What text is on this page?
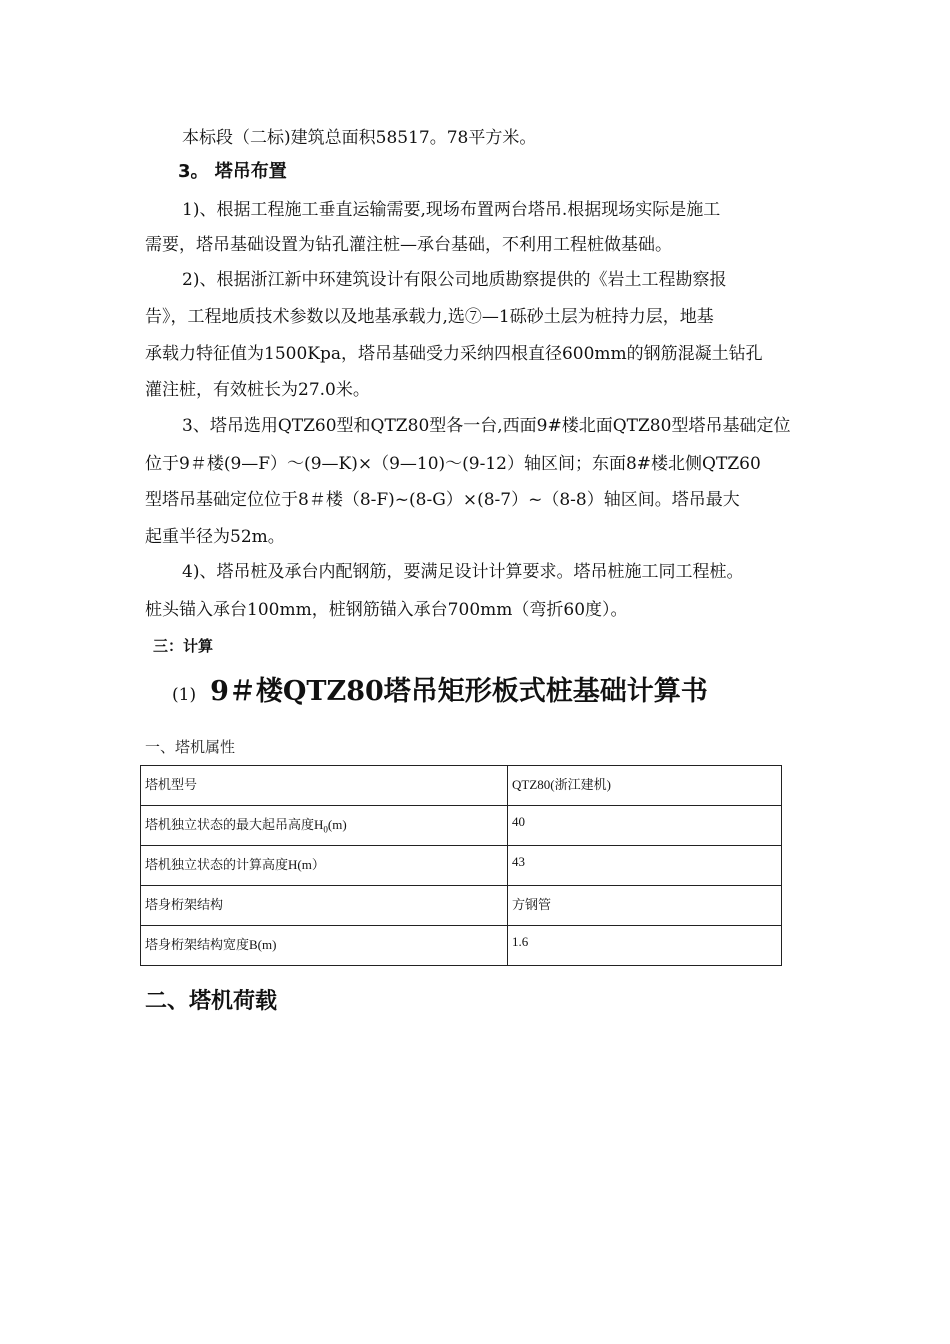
本标段（二标)建筑总面积58517。78平方米。
3。 塔吊布置
1)、根据工程施工垂直运输需要,现场布置两台塔吊.根据现场实际是施工
需要，塔吊基础设置为钻孔灌注桩—承台基础，不利用工程桩做基础。
2)、根据浙江新中环建筑设计有限公司地质勘察提供的《岩土工程勘察报
告》，工程地质技术参数以及地基承载力,选⑦—1砾砂土层为桩持力层，地基
承载力特征值为1500Kpa，塔吊基础受力采纳四根直径600mm的钢筋混凝土钻孔
灌注桩，有效桩长为27.0米。
3、塔吊选用QTZ60型和QTZ80型各一台,西面9#楼北面QTZ80型塔吊基础定位
位于9＃楼(9—F）～(9—K)×（9—10)～(9-12）轴区间；东面8#楼北侧QTZ60
型塔吊基础定位位于8＃楼（8-F)~(8-G）×(8-7）~（8-8）轴区间。塔吊最大
起重半径为52m。
4)、塔吊桩及承台内配钢筋，要满足设计计算要求。塔吊桩施工同工程桩。
桩头锚入承台100mm，桩钢筋锚入承台700mm（弯折60度）。
三：计算
(1) 9＃楼QTZ80塔吊矩形板式桩基础计算书
一、塔机属性
塔机型号	QTZ80(浙江建机)
塔机独立状态的最大起吊高度$H_0(m)$	40
塔机独立状态的计算高度H(m）	43
塔身桁架结构	方钢管
塔身桁架结构宽度B(m)	1.6
二、塔机荷载
